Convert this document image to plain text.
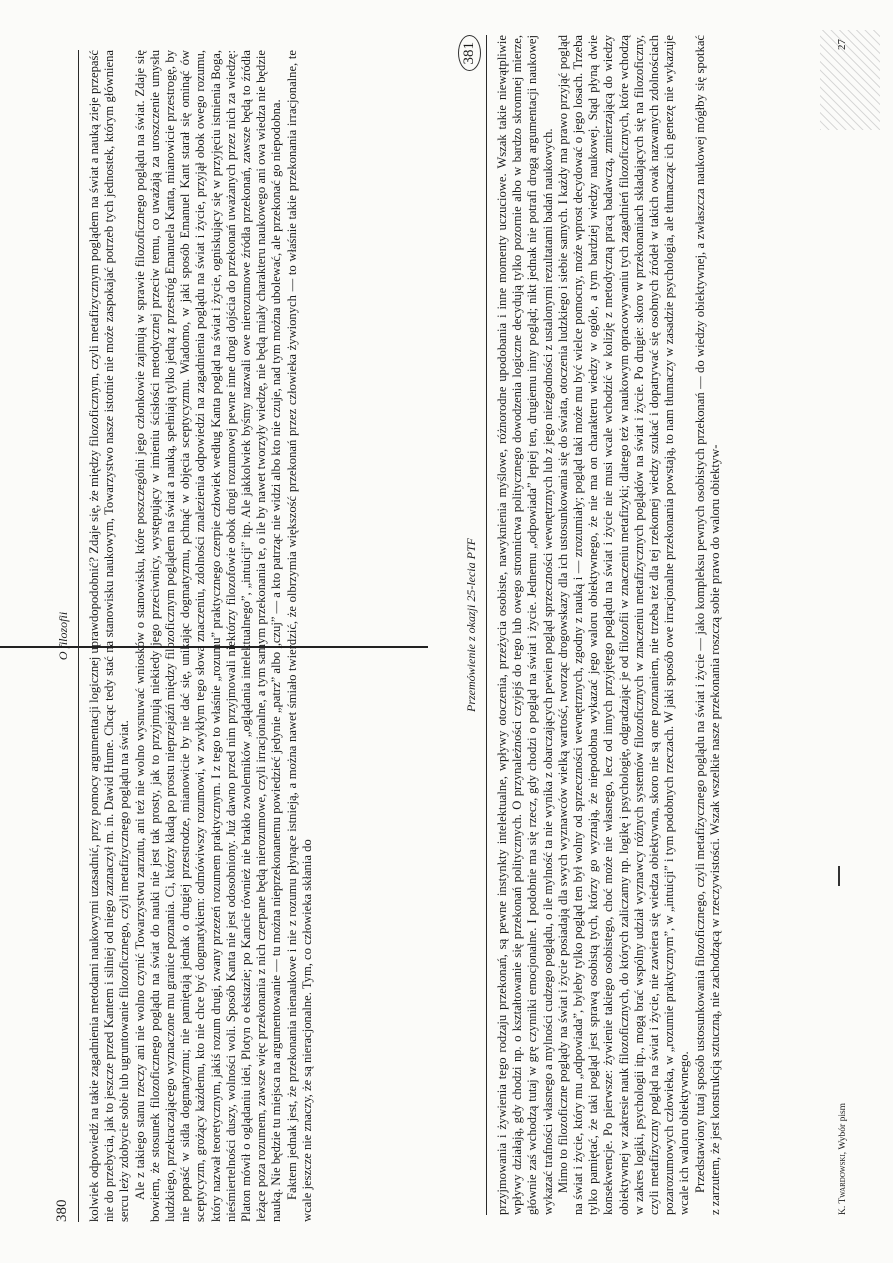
380
O filozofii kolwiek odpowiedź na takie zagadnienia metodami naukowymi uzasadnić, przy pomocy argumentacji logicznej uprawdopodobnić? Zdaje się, że między filozoficznym, czyli metafizycznym poglądem na świat a nauką zieje przepaść nie do przebycia, jak to jeszcze przed Kantem i silniej od niego zaznaczył m. in. Dawid Hume. Chcąc tedy stać na stanowisku naukowym, Towarzystwo nasze istotnie nie może zaspokajać potrzeb tych jednostek, którym główniena sercu leży zdobycie sobie lub ugruntowanie filozoficznego, czyli metafizycznego poglądu na świat. Ale z takiego stanu rzeczy ani nie wolno czynić Towarzystwu zarzutu, ani też nie wolno wysnuwać wniosków o stanowisku, które poszczególni jego członkowie zajmują w sprawie filozoficznego poglądu na świat. Zdaje się bowiem, że stosunek filozoficznego poglądu na świat do nauki nie jest tak prosty, jak to przyjmują niekiedy jego przeciwnicy, występujący w imieniu ścisłości metodycznej przeciw temu, co uważają za uroszczenie umysłu ludzkiego, przekraczającego wyznaczone mu granice poznania. Ci, którzy kładą po prostu nieprzejaźń między filozoficznym poglądem na świat a nauką, spełniają tylko jedną z przestróg Emanuela Kanta, mianowicie przestrogę, by nie popaść w sidła dogmatyzmu; nie pamiętają jednak o drugiej przestrodze, mianowicie by nie dać się, unikając dogmatyzmu, pchnąć w objęcia sceptycyzmu. Wiadomo, w jaki sposób Emanuel Kant starał się ominąć ów sceptycyzm, grożący każdemu, kto nie chce być dogmatykiem: odmówiwszy rozumowi, w zwykłym tego słowa znaczeniu, zdolności znalezienia odpowiedzi na zagadnienia poglądu na świat i życie, przyjął obok owego rozumu, który nazwał teoretycznym, jakiś rozum drugi, zwany przezeń rozumem praktycznym. I z tego to właśnie „rozumu” praktycznego czerpie człowiek według Kanta pogląd na świat i życie, ogniskujący się w przyjęciu istnienia Boga, nieśmiertelności duszy, wolności woli. Sposób Kanta nie jest odosobniony. Już dawno przed nim przyjmowali niektórzy filozofowie obok drogi rozumowej pewne inne drogi dojścia do przekonań uważanych przez nich za wiedzę: Platon mówił o oglądaniu idei, Plotyn o ekstazie; po Kancie również nie brakło zwolenników „oglądania intelektualnego”, „intuicji” itp. Ale jakkolwiek byśmy nazwali owe nierozumowe źródła przekonań, zawsze będą to źródła leżące poza rozumem, zawsze więc przekonania z nich czerpane będą nierozumowe, czyli irracjonalne, a tym samym przekonania te, o ile by nawet tworzyły wiedzę, nie będą miały charakteru naukowego ani owa wiedza nie będzie nauką. Nie będzie tu miejsca na argumentowanie — tu można nieprzekonanemu powiedzieć jedynie „patrz” albo „czuj” — a kto patrząc nie widzi albo kto nie czuje, nad tym można ubolewać, ale przekonać go niepodobna. Faktem jednak jest, że przekonania nienaukowe i nie z rozumu płynące istnieją, a można nawet śmiało twierdzić, że olbrzymia większość przekonań przez człowieka żywionych — to właśnie takie przekonania irracjonalne, te wcale jeszcze nie znaczy, że są nieracjonalne. Tym, co człowieka skłania do

Przemówienie z okazji 25-lecia PTF
381	przyjmowania i żywienia tego rodzaju przekonań, są pewne instynkty intelektualne, wpływy otoczenia, przeżycia osobiste, nawyknienia myślowe, różnorodne upodobania i inne momenty uczuciowe. Wszak takie niewątpliwie wpływy działają, gdy chodzi np. o kształtowanie się przekonań politycznych. O przynależności czyjejś do tego lub owego stronnictwa politycznego dowodzenia logiczne decydują tylko pozornie albo w bardzo skromnej mierze, głównie zaś wchodzą tutaj w grę czynniki emocjonalne. I podobnie ma się rzecz, gdy chodzi o pogląd na świat i życie. Jednemu „odpowiada” lepiej ten, drugiemu inny pogląd; nikt jednak nie potrafi drogą argumentacji naukowej wykazać trafności własnego a mylności cudzego poglądu, o ile mylność ta nie wynika z obarczających pewien pogląd sprzeczności wewnętrznych lub z jego niezgodności z ustalonymi rezultatami badań naukowych. Mimo to filozoficzne poglądy na świat i życie posiadają dla swych wyznawców wielką wartość, tworząc drogowskazy dla ich ustosunkowania się do świata, otoczenia ludzkiego i siebie samych. I każdy ma prawo przyjąć pogląd na świat i życie, który mu „odpowiada”, byleby tylko pogląd ten był wolny od sprzeczności wewnętrznych, zgodny z nauką i — zrozumiały; pogląd taki może mu być wielce pomocny, może wprost decydować o jego losach. Trzeba tylko pamiętać, że taki pogląd jest sprawą osobistą tych, którzy go wyznają, że niepodobna wykazać jego waloru obiektywnego, że nie ma on charakteru wiedzy w ogóle, a tym bardziej wiedzy naukowej. Stąd płyną dwie konsekwencje. Po pierwsze: żywienie takiego osobistego, choć może nie własnego, lecz od innych przyjętego poglądu na świat i życie nie musi wcale wchodzić w kolizję z metodyczną pracą badawczą, zmierzającą do wiedzy obiektywnej w zakresie nauk filozoficznych, do których zaliczamy np. logikę i psychologię, odgradzając je od filozofii w znaczeniu metafizyki; dlatego też w naukowym opracowywaniu tych zagadnień filozoficznych, które wchodzą w zakres logiki, psychologii itp., mogą brać wspólny udział wyznawcy różnych systemów filozoficznych w znaczeniu metafizycznych poglądów na świat i życie. Po drugie: skoro w przekonaniach składających się na filozoficzny, czyli metafizyczny pogląd na świat i życie, nie zawiera się wiedza obiektywna, skoro nie są one poznaniem, nie trzeba też dla tej rzekomej wiedzy szukać i dopatrywać się osobnych źródeł w takich owak nazwanych zdolnościach pozarozumowych człowieka, w „rozumie praktycznym”, w „intuicji” i tym podobnych rzeczach. W jaki sposób owe irracjonalne przekonania powstają, to nam tłumaczy w zasadzie psychologia, ale tłumacząc ich genezę nie wykazuje wcale ich waloru obiektywnego. Przedstawiony tutaj sposób ustosunkowania filozoficznego, czyli metafizycznego poglądu na świat i życie — jako kompleksu pewnych osobistych przekonań — do wiedzy obiektywnej, a zwłaszcza naukowej mógłby się spotkać z zarzutem, że jest konstrukcją sztuczną, nie zachodzącą w rzeczywistości. Wszak wszelkie nasze przekonania roszczą sobie prawo do waloru obiektyw-	K. Twardowski, Wybór pism
27
